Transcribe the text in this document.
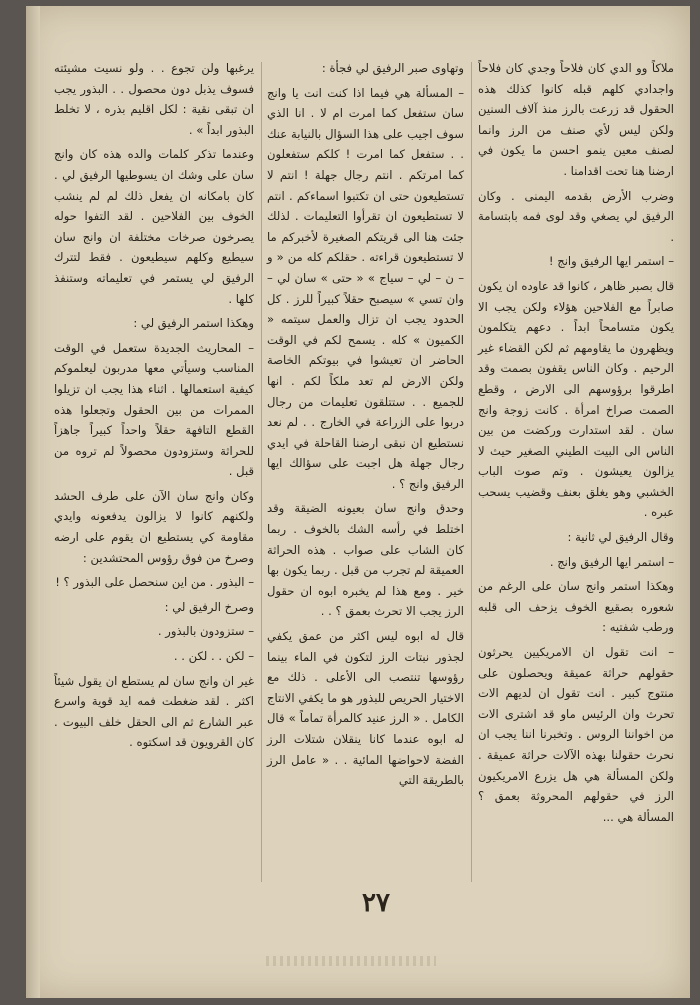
ملاكاً وو الدي كان فلاحاً وجدي كان فلاحاً واجدادي كلهم قبله كانوا كذلك هذه الحقول قد زرعت بالرز منذ آلاف السنين ولكن ليس لأي صنف من الرز وانما لصنف معين ينمو احسن ما يكون في ارضنا هنا تحت اقدامنا .

وضرب الأرض بقدمه اليمنى . وكان الرفيق لي يصغي وقد لوى فمه بابتسامة .

– استمر ايها الرفيق وانج !

قال بصبر ظاهر ، كانوا قد عاوده ان يكون صابراً مع الفلاحين هؤلاء ولكن يجب الا يكون متسامحاً ابداً . دعهم يتكلمون ويظهرون ما يقاومهم ثم لكن القضاء غير الرحيم . وكان الناس يقفون بصمت وقد اطرقوا برؤوسهم الى الارض ، وقطع الصمت صراخ امرأة . كانت زوجة وانج سان . لقد استدارت وركضت من بين الناس الى البيت الطيني الصغير حيث لا يزالون يعيشون . وتم صوت الباب الخشبي وهو يغلق بعنف وقضيب يسحب عبره .

وقال الرفيق لي ثانية :

– استمر ايها الرفيق وانج .

وهكذا استمر وانج سان على الرغم من شعوره بصقيع الخوف يزحف الى قلبه ورطب شفتيه :

– انت تقول ان الامريكيين يحرثون حقولهم حراثة عميقة ويحصلون على منتوج كبير . انت تقول ان لديهم الات تحرث وان الرئيس ماو قد اشترى الات من اخواننا الروس . وتخبرنا اننا يجب ان نحرث حقولنا بهذه الآلات حراثة عميقة . ولكن المسألة هي هل يزرع الامريكيون الرز في حقولهم المحروثة بعمق ؟ المسألة هي ...

وتهاوى صبر الرفيق لي فجأة :

– المسألة هي فيما اذا كنت انت يا وانج سان ستفعل كما امرت ام لا . انا الذي سوف اجيب على هذا السؤال بالنيابة عنك . . ستفعل كما امرت ! كلكم ستفعلون كما امرتكم . انتم رجال جهلة ! انتم لا تستطيعون حتى ان تكتبوا اسماءكم . انتم لا تستطيعون ان تقرأوا التعليمات . لذلك جئت هنا الى قريتكم الصغيرة لأخبركم ما لا تستطيعون قراءته . حقلكم كله من « و – ن – لي – سياج » « حتى » سان لي – وان تسي » سيصبح حقلاً كبيراً للرز . كل الحدود يجب ان تزال والعمل سيتمه « الكميون » كله . يسمح لكم في الوقت الحاضر ان تعيشوا في بيوتكم الخاصة ولكن الارض لم تعد ملكاً لكم . انها للجميع . . ستتلقون تعليمات من رجال دربوا على الزراعة في الخارج . . لم نعد نستطيع ان نبقى ارضنا القاحلة في ايدي رجال جهلة هل اجبت على سؤالك ايها الرفيق وانج ؟ .

وحدق وانج سان بعيونه الضيقة وقد اختلط في رأسه الشك بالخوف . ربما كان الشاب على صواب . هذه الحراثة العميقة لم تجرب من قبل . ربما يكون بها خير . ومع هذا لم يخبره ابوه ان حقول الرز يجب الا تحرث بعمق ؟ . .

قال له ابوه ليس اكثر من عمق يكفي لجذور نبتات الرز لتكون في الماء بينما رؤوسها تنتصب الى الأعلى . ذلك مع الاختيار الحريص للبذور هو ما يكفي الانتاج الكامل . « الرز عنيد كالمرأة تماماً » قال له ابوه عندما كانا ينقلان شتلات الرز الفضة لاحواضها المائية . . « عامل الرز بالطريقة التي

يرغبها ولن تجوع . . ولو نسيت مشيئته فسوف يذبل دون محصول . . البذور يجب ان تبقى نقية : لكل اقليم بذره ، لا تخلط البذور ابداً » .

وعندما تذكر كلمات والده هذه كان وانج سان على وشك ان يسوطيها الرفيق لي . كان بامكانه ان يفعل ذلك لم لم ينشب الخوف بين الفلاحين . لقد التفوا حوله يصرخون صرخات مختلفة ان وانج سان سيطيع وكلهم سيطيعون . فقط لتترك الرفيق لي يستمر في تعليماته وستنفذ كلها .

وهكذا استمر الرفيق لي :

– المحاريث الجديدة ستعمل في الوقت المناسب وسيأتي معها مدربون ليعلموكم كيفية استعمالها . اثناء هذا يجب ان تزيلوا الممرات من بين الحقول وتجعلوا هذه القطع التافهة حقلاً واحداً كبيراً جاهزاً للحراثة وستزودون محصولاً لم تروه من قبل .

وكان وانج سان الآن على طرف الحشد ولكنهم كانوا لا يزالون يدفعونه وايدي مقاومة كي يستطيع ان يقوم على ارضه وصرخ من فوق رؤوس المحتشدين :

– البذور . من اين سنحصل على البذور ؟ !

وصرخ الرفيق لي :

– ستزودون بالبذور .

– لكن . . لكن . .

غير ان وانج سان لم يستطع ان يقول شيئاً اكثر . لقد ضغطت فمه ايد قوية واسرع عبر الشارع ثم الى الحقل خلف البيوت . كان القرويون قد اسكتوه .

٢٧
